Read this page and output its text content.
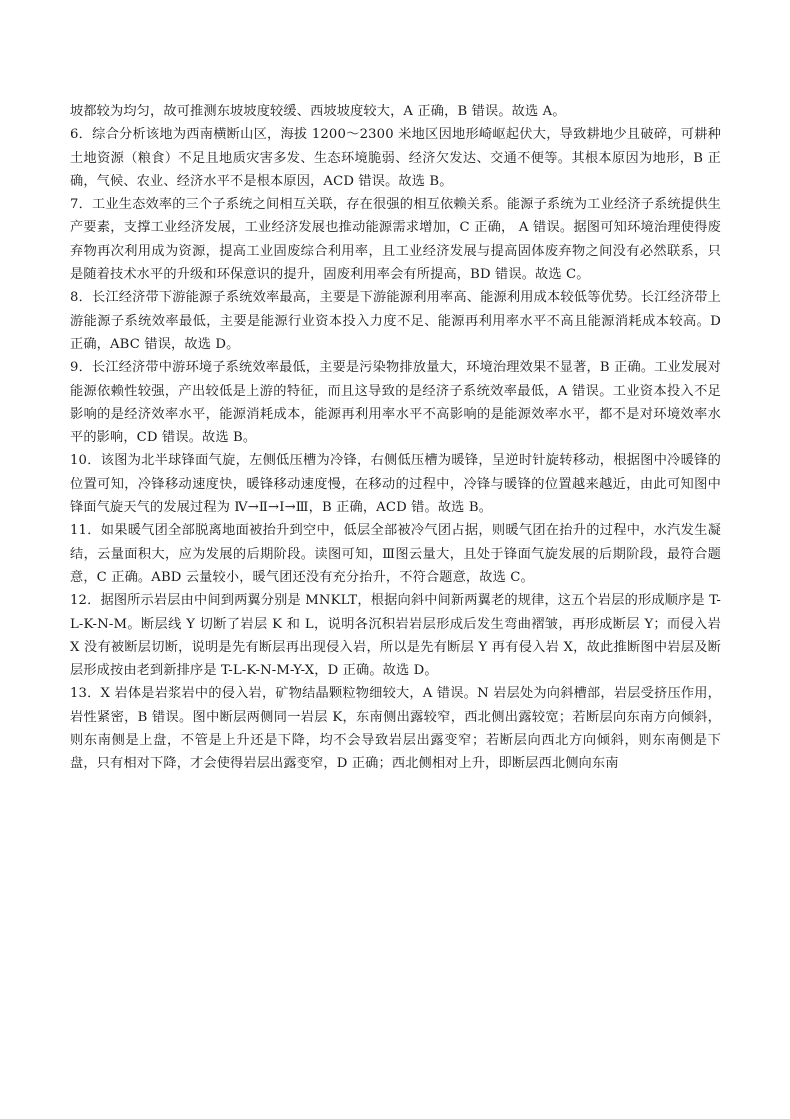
坡都较为均匀，故可推测东坡坡度较缓、西坡坡度较大，A 正确，B 错误。故选 A。

6．综合分析该地为西南横断山区，海拔 1200～2300 米地区因地形崎岖起伏大，导致耕地少且破碎，可耕种土地资源（粮食）不足且地质灾害多发、生态环境脆弱、经济欠发达、交通不便等。其根本原因为地形，B 正确，气候、农业、经济水平不是根本原因，ACD 错误。故选 B。

7．工业生态效率的三个子系统之间相互关联，存在很强的相互依赖关系。能源子系统为工业经济子系统提供生产要素，支撑工业经济发展，工业经济发展也推动能源需求增加，C 正确， A 错误。据图可知环境治理使得废弃物再次利用成为资源，提高工业固废综合利用率，且工业经济发展与提高固体废弃物之间没有必然联系，只是随着技术水平的升级和环保意识的提升，固废利用率会有所提高，BD 错误。故选 C。

8．长江经济带下游能源子系统效率最高，主要是下游能源利用率高、能源利用成本较低等优势。长江经济带上游能源子系统效率最低，主要是能源行业资本投入力度不足、能源再利用率水平不高且能源消耗成本较高。D 正确，ABC 错误，故选 D。

9．长江经济带中游环境子系统效率最低，主要是污染物排放量大，环境治理效果不显著，B 正确。工业发展对能源依赖性较强，产出较低是上游的特征，而且这导致的是经济子系统效率最低，A 错误。工业资本投入不足影响的是经济效率水平，能源消耗成本，能源再利用率水平不高影响的是能源效率水平，都不是对环境效率水平的影响，CD 错误。故选 B。

10．该图为北半球锋面气旋，左侧低压槽为冷锋，右侧低压槽为暖锋，呈逆时针旋转移动，根据图中冷暖锋的位置可知，冷锋移动速度快，暖锋移动速度慢，在移动的过程中，冷锋与暖锋的位置越来越近，由此可知图中锋面气旋天气的发展过程为 Ⅳ→Ⅱ→Ⅰ→Ⅲ，B 正确，ACD 错。故选 B。

11．如果暖气团全部脱离地面被抬升到空中，低层全部被冷气团占据，则暖气团在抬升的过程中，水汽发生凝结，云量面积大，应为发展的后期阶段。读图可知，Ⅲ图云量大，且处于锋面气旋发展的后期阶段，最符合题意，C 正确。ABD 云量较小，暖气团还没有充分抬升，不符合题意，故选 C。

12．据图所示岩层由中间到两翼分别是 MNKLT，根据向斜中间新两翼老的规律，这五个岩层的形成顺序是 T-L-K-N-M。断层线 Y 切断了岩层 K 和 L，说明各沉积岩岩层形成后发生弯曲褶皱，再形成断层 Y；而侵入岩 X 没有被断层切断，说明是先有断层再出现侵入岩，所以是先有断层 Y 再有侵入岩 X，故此推断图中岩层及断层形成按由老到新排序是 T-L-K-N-M-Y-X，D 正确。故选 D。

13．X 岩体是岩浆岩中的侵入岩，矿物结晶颗粒物细较大，A 错误。N 岩层处为向斜槽部，岩层受挤压作用，岩性紧密，B 错误。图中断层两侧同一岩层 K，东南侧出露较窄，西北侧出露较宽；若断层向东南方向倾斜，则东南侧是上盘，不管是上升还是下降，均不会导致岩层出露变窄；若断层向西北方向倾斜，则东南侧是下盘，只有相对下降，才会使得岩层出露变窄，D 正确；西北侧相对上升，即断层西北侧向东南
